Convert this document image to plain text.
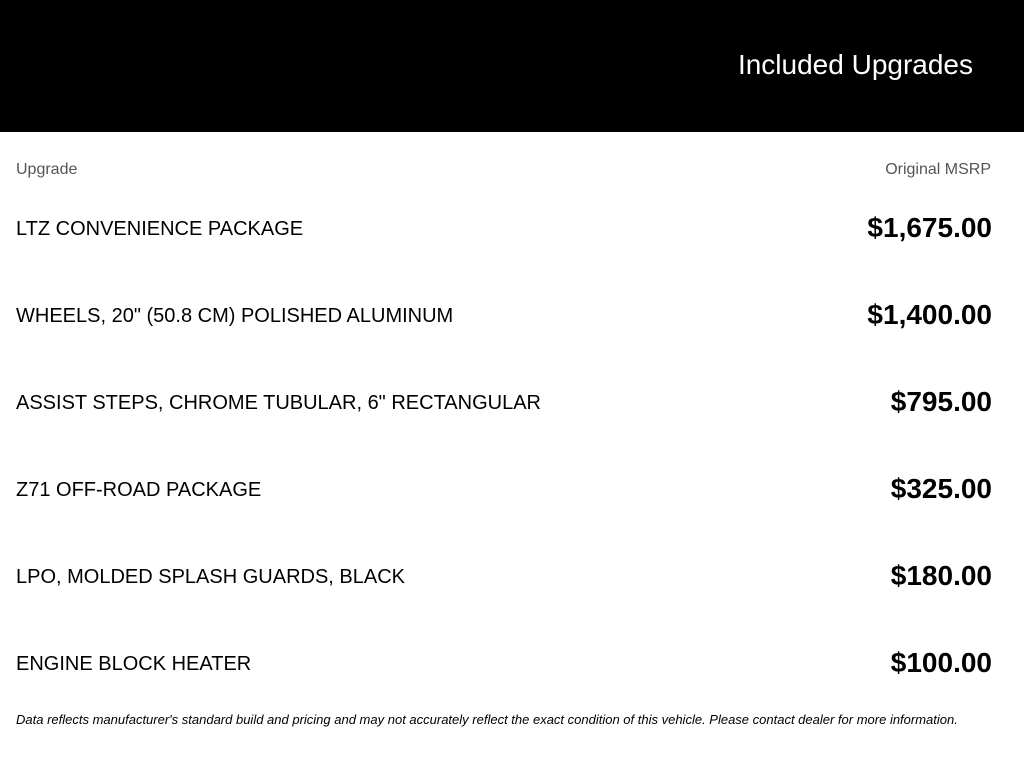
Included Upgrades
Upgrade	Original MSRP
LTZ CONVENIENCE PACKAGE	$1,675.00
WHEELS, 20" (50.8 CM) POLISHED ALUMINUM	$1,400.00
ASSIST STEPS, CHROME TUBULAR, 6" RECTANGULAR	$795.00
Z71 OFF-ROAD PACKAGE	$325.00
LPO, MOLDED SPLASH GUARDS, BLACK	$180.00
ENGINE BLOCK HEATER	$100.00
Data reflects manufacturer's standard build and pricing and may not accurately reflect the exact condition of this vehicle. Please contact dealer for more information.
